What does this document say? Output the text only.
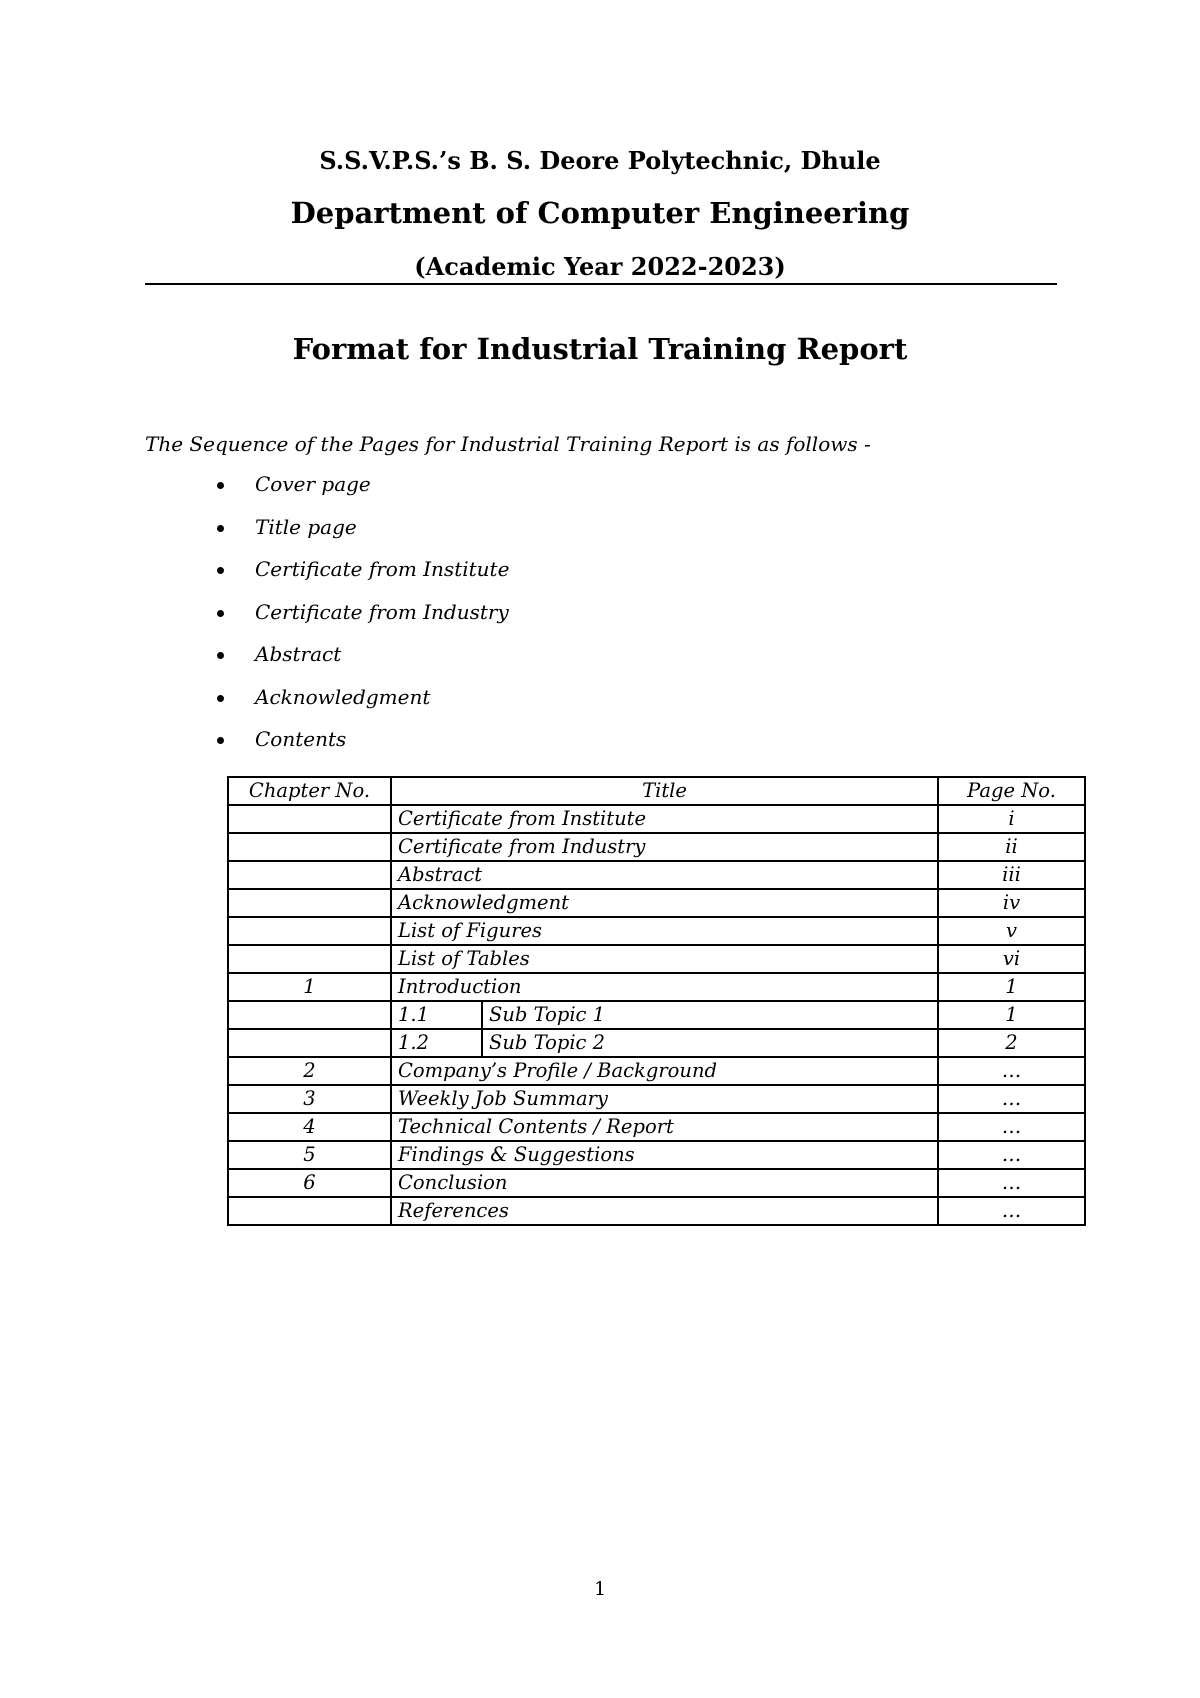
S.S.V.P.S.’s B. S. Deore Polytechnic, Dhule
Department of Computer Engineering
(Academic Year 2022-2023)
Format for Industrial Training Report
The Sequence of the Pages for Industrial Training Report is as follows -
Cover page
Title page
Certificate from Institute
Certificate from Industry
Abstract
Acknowledgment
Contents
Chapter No.	Title		Page No.
	Certificate from Institute		i
	Certificate from Industry		ii
	Abstract		iii
	Acknowledgment		iv
	List of Figures		v
	List of Tables		vi
1	Introduction		1
	1.1	Sub Topic 1	1
	1.2	Sub Topic 2	2
2	Company’s Profile / Background		…
3	Weekly Job Summary		…
4	Technical Contents / Report		…
5	Findings & Suggestions		…
6	Conclusion		…
	References		…
1
